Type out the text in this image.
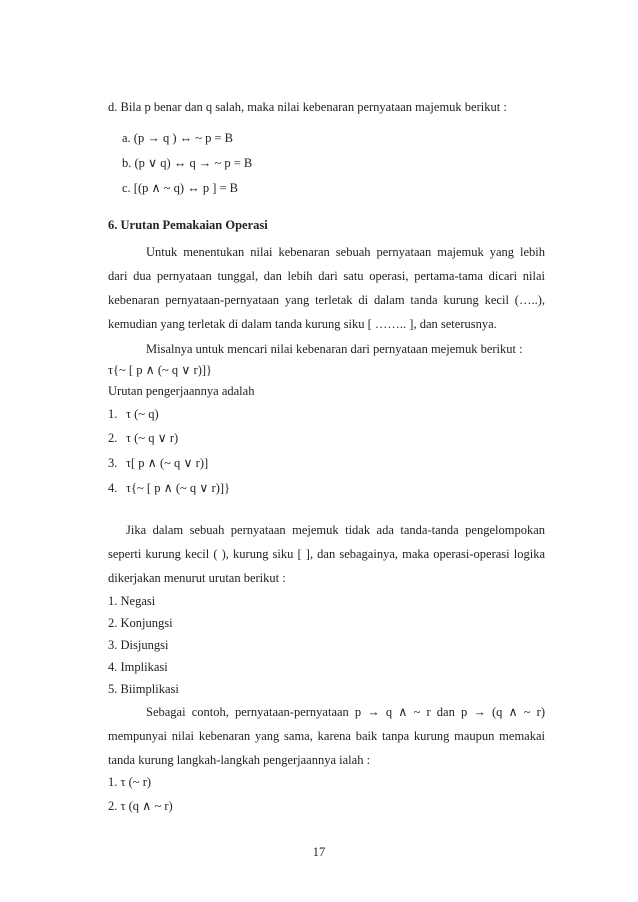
d. Bila p benar dan q salah, maka nilai kebenaran pernyataan majemuk berikut :
a. (p → q ) ↔ ~ p = B
b. (p ∨ q) ↔ q → ~ p = B
c. [(p ∧ ~ q) ↔ p ] = B
6. Urutan Pemakaian Operasi
Untuk menentukan nilai kebenaran sebuah pernyataan majemuk yang lebih
dari dua pernyataan tunggal, dan lebih dari satu operasi, pertama-tama dicari nilai
kebenaran pernyataan-pernyataan yang terletak di dalam tanda kurung kecil (…..),
kemudian yang terletak di dalam tanda kurung siku [ …….. ], dan seterusnya.
Misalnya untuk mencari nilai kebenaran dari pernyataan mejemuk berikut :
τ{~ [ p ∧ (~ q ∨ r)]}
Urutan pengerjaannya adalah
1. τ (~ q)
2. τ (~ q ∨ r)
3. τ[ p ∧ (~ q ∨ r)]
4. τ{~ [ p ∧ (~ q ∨ r)]}
Jika dalam sebuah pernyataan mejemuk tidak ada tanda-tanda pengelompokan
seperti kurung kecil ( ), kurung siku [ ], dan sebagainya, maka operasi-operasi logika
dikerjakan menurut urutan berikut :
1. Negasi
2. Konjungsi
3. Disjungsi
4. Implikasi
5. Biimplikasi
Sebagai contoh, pernyataan-pernyataan p → q ∧ ~ r dan p → (q ∧ ~ r)
mempunyai nilai kebenaran yang sama, karena baik tanpa kurung maupun memakai
tanda kurung langkah-langkah pengerjaannya ialah :
1. τ (~ r)
2. τ (q ∧ ~ r)
17
